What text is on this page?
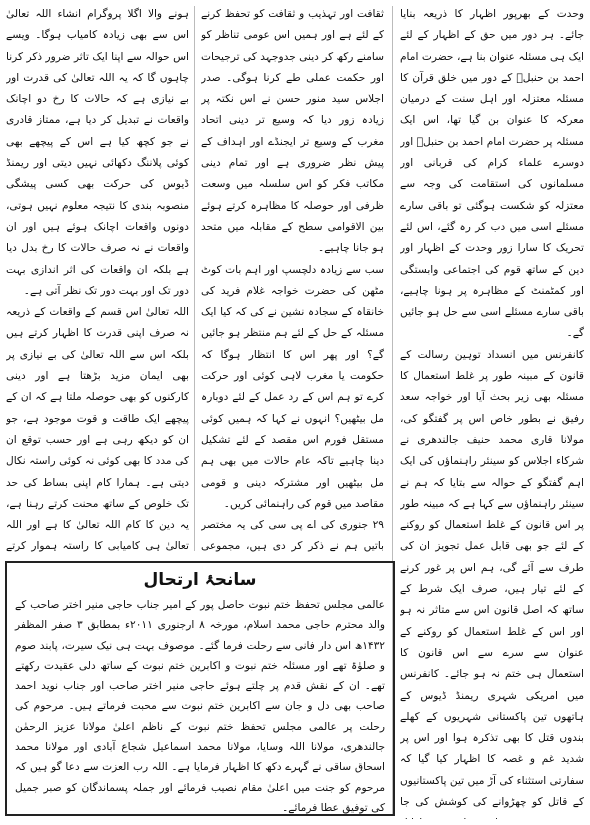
وحدت کے بھرپور اظہار کا ذریعہ بنایا جائے۔ ہر دور میں حق کے اظہار کے لئے ایک ہی مسئلہ عنوان بنا ہے، حضرت امام احمد بن حنبلؒ کے دور میں خلق قرآن کا مسئلہ معتزلہ اور اہل سنت کے درمیان معرکہ کا عنوان بن گیا تھا، اس ایک مسئلہ پر حضرت امام احمد بن حنبلؒ اور دوسرے علماء کرام کی قربانی اور مسلمانوں کی استقامت کی وجہ سے معتزلہ کو شکست ہوگئی تو باقی سارے مسئلے اسی میں دب کر رہ گئے، اس لئے تحریک کا سارا زور وحدت کے اظہار اور دین کے ساتھ قوم کی اجتماعی وابستگی اور کمٹمنٹ کے مظاہرہ پر ہونا چاہیے، باقی سارے مسئلے اسی سے حل ہو جائیں گے۔

کانفرنس میں انسداد توہین رسالت کے قانون کے مبینہ طور پر غلط استعمال کا مسئلہ بھی زیر بحث آیا اور خواجہ سعد رفیق نے بطور خاص اس پر گفتگو کی، مولانا قاری محمد حنیف جالندھری نے شرکاء اجلاس کو سینئر راہنماؤں کی ایک اہم گفتگو کے حوالہ سے بتایا کہ ہم نے سینئر راہنماؤں سے کہا ہے کہ مبینہ طور پر اس قانون کے غلط استعمال کو روکنے کے لئے جو بھی قابل عمل تجویز ان کی طرف سے آئے گی، ہم اس پر غور کرنے کے لئے تیار ہیں، صرف ایک شرط کے ساتھ کہ اصل قانون اس سے متاثر نہ ہو اور اس کے غلط استعمال کو روکنے کے عنوان سے سرے سے اس قانون کا استعمال ہی ختم نہ ہو جائے۔ کانفرنس میں امریکی شہری ریمنڈ ڈیوس کے ہاتھوں تین پاکستانی شہریوں کے کھلے بندوں قتل کا بھی تذکرہ ہوا اور اس پر شدید غم و غصہ کا اظہار کیا گیا کہ سفارتی استثناء کی آڑ میں تین پاکستانیوں کے قاتل کو چھڑوانے کی کوشش کی جا

ثقافت اور تہذیب و ثقافت کو تحفظ کرنے کے لئے ہے اور ہمیں اس عومی تناظر کو سامنے رکھ کر دینی جدوجہد کی ترجیحات اور حکمت عملی طے کرنا ہوگی۔ صدر اجلاس سید منور حسن نے اس نکتہ پر زیادہ زور دیا کہ وسیع تر دینی اتحاد مغرب کے وسیع تر ایجنڈے اور اہداف کے پیش نظر ضروری ہے اور تمام دینی مکاتب فکر کو اس سلسلہ میں وسعت ظرفی اور حوصلہ کا مظاہرہ کرتے ہوئے بین الاقوامی سطح کے مقابلہ میں متحد ہو جانا چاہیے۔

سب سے زیادہ دلچسپ اور اہم بات کوٹ مٹھن کی حضرت خواجہ غلام فرید کی خانقاہ کے سجادہ نشین نے کی کہ کیا ایک مسئلہ کے حل کے لئے ہم منتظر ہو جائیں گے؟ اور پھر اس کا انتظار ہوگا کہ حکومت یا مغرب لاہی کوئی اور حرکت کرے تو ہم اس کے رد عمل کے لئے دوبارہ مل بیٹھیں؟ انہوں نے کہا کہ ہمیں کوئی مستقل فورم اس مقصد کے لئے تشکیل دینا چاہیے تاکہ عام حالات میں بھی ہم مل بیٹھیں اور مشترکہ دینی و قومی مقاصد میں قوم کی راہنمائی کریں۔

۲۹ جنوری کی اے پی سی کی یہ مختصر باتیں ہم نے ذکر کر دی ہیں، مجموعی

ہونے والا اگلا پروگرام انشاء اللہ تعالیٰ اس سے بھی زیادہ کامیاب ہوگا۔ ویسے اس حوالہ سے اپنا ایک تاثر ضرور ذکر کرنا چاہوں گا کہ یہ اللہ تعالیٰ کی قدرت اور بے نیازی ہے کہ حالات کا رخ دو اچانک واقعات نے تبدیل کر دیا ہے، ممتاز قادری نے جو کچھ کیا ہے اس کے پیچھے بھی کوئی پلاننگ دکھائی نہیں دیتی اور ریمنڈ ڈیوس کی حرکت بھی کسی پیشگی منصوبہ بندی کا نتیجہ معلوم نہیں ہوتی، دونوں واقعات اچانک ہوئے ہیں اور ان واقعات نے نہ صرف حالات کا رخ بدل دیا ہے بلکہ ان واقعات کی اثر اندازی بہت دور تک اور بہت دور تک نظر آتی ہے۔

اللہ تعالیٰ اس قسم کے واقعات کے ذریعہ نہ صرف اپنی قدرت کا اظہار کرتے ہیں بلکہ اس سے اللہ تعالیٰ کی بے نیازی پر بھی ایمان مزید بڑھتا ہے اور دینی کارکنوں کو بھی حوصلہ ملتا ہے کہ ان کے پیچھے ایک طاقت و قوت موجود ہے، جو ان کو دیکھ رہی ہے اور حسب توقع ان کی مدد کا بھی کوئی نہ کوئی راستہ نکال دیتی ہے۔ ہمارا کام اپنی بساط کی حد تک خلوص کے ساتھ محنت کرتے رہنا ہے، یہ دین کا کام اللہ تعالیٰ کا ہے اور اللہ تعالیٰ ہی کامیابی کا راستہ ہموار کرتے

سانحۂ ارتحال

عالمی مجلس تحفظ ختم نبوت حاصل پور کے امیر جناب حاجی منیر اختر صاحب کے والد محترم حاجی محمد اسلام، مورخہ ۸ ارجنوری ۲۰۱۱ء بمطابق ۳ صفر المظفر ۱۴۳۲ھ اس دار فانی سے رحلت فرما گئے۔ موصوف بہت ہی نیک سیرت، پابند صوم و صلوٰۃ تھے اور مسئلہ ختم نبوت و اکابرین ختم نبوت کے ساتھ دلی عقیدت رکھتے تھے۔ ان کے نقش قدم پر چلتے ہوئے حاجی منیر اختر صاحب اور جناب نوید احمد صاحب بھی دل و جان سے اکابرین ختم نبوت سے محبت فرماتے ہیں۔ مرحوم کی رحلت پر عالمی مجلس تحفظ ختم نبوت کے ناظم اعلیٰ مولانا عزیز الرحمٰن جالندھری، مولانا اللہ وسایا، مولانا محمد اسماعیل شجاع آبادی اور مولانا محمد اسحاق ساقی نے گہرے دکھ کا اظہار فرمایا ہے۔ اللہ رب العزت سے دعا گو ہیں کہ مرحوم کو جنت میں اعلیٰ مقام نصیب فرمائے اور جملہ پسماندگان کو صبر جمیل کی توفیق عطا فرمائے۔
